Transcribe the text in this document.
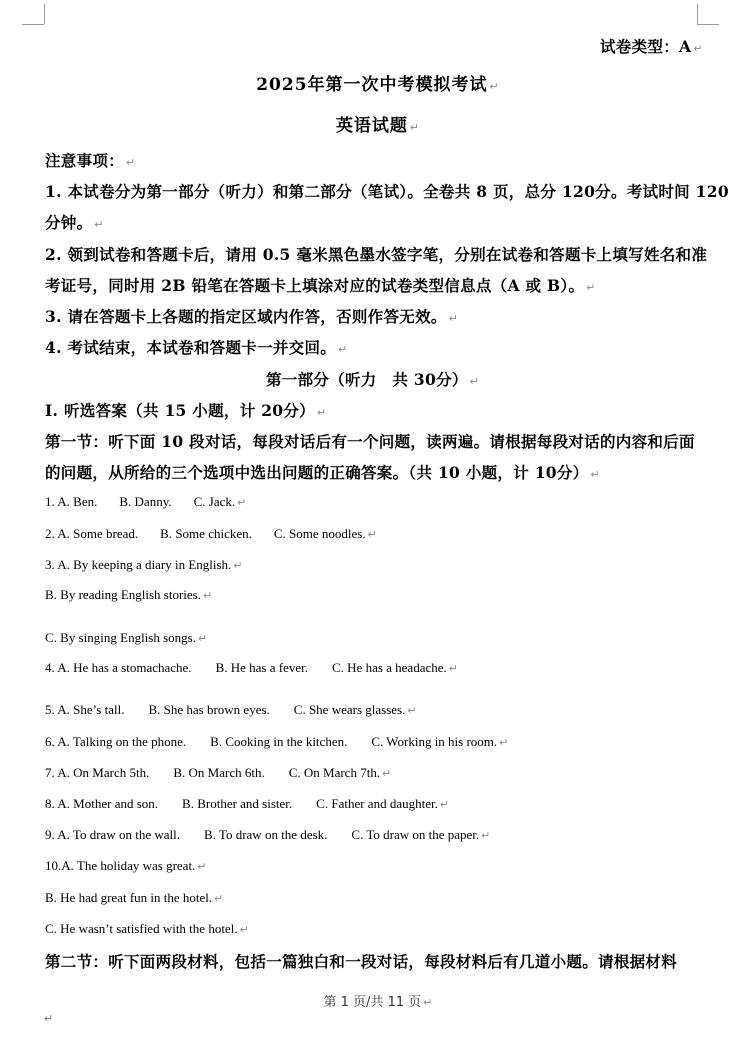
试卷类型：A ↵
2025年第一次中考模拟考试 ↵
英语试题 ↵
注意事项： ↵
1. 本试卷分为第一部分（听力）和第二部分（笔试）。全卷共 8 页，总分 120分。考试时间 120
分钟。 ↵
2. 领到试卷和答题卡后，请用 0.5 毫米黑色墨水签字笔，分别在试卷和答题卡上填写姓名和准
考证号，同时用 2B 铅笔在答题卡上填涂对应的试卷类型信息点（A 或 B）。 ↵
3. 请在答题卡上各题的指定区域内作答，否则作答无效。 ↵
4. 考试结束，本试卷和答题卡一并交回。 ↵
第一部分（听力　共 30分） ↵
Ⅰ. 听选答案（共 15 小题，计 20分） ↵
第一节：听下面 10 段对话，每段对话后有一个问题，读两遍。请根据每段对话的内容和后面
的问题，从所给的三个选项中选出问题的正确答案。（共 10 小题，计 10分） ↵
1. A. Ben. B. Danny. C. Jack. ↵
2. A. Some bread. B. Some chicken. C. Some noodles. ↵
3. A. By keeping a diary in English. ↵
B. By reading English stories. ↵
C. By singing English songs. ↵
4. A. He has a stomachache. B. He has a fever. C. He has a headache. ↵
5. A. She’s tall. B. She has brown eyes. C. She wears glasses. ↵
6. A. Talking on the phone. B. Cooking in the kitchen. C. Working in his room. ↵
7. A. On March 5th. B. On March 6th. C. On March 7th. ↵
8. A. Mother and son. B. Brother and sister. C. Father and daughter. ↵
9. A. To draw on the wall. B. To draw on the desk. C. To draw on the paper. ↵
10.A. The holiday was great. ↵
B. He had great fun in the hotel. ↵
C. He wasn’t satisfied with the hotel. ↵
第二节：听下面两段材料，包括一篇独白和一段对话，每段材料后有几道小题。请根据材料
第 1 页/共 11 页 ↵
↵
